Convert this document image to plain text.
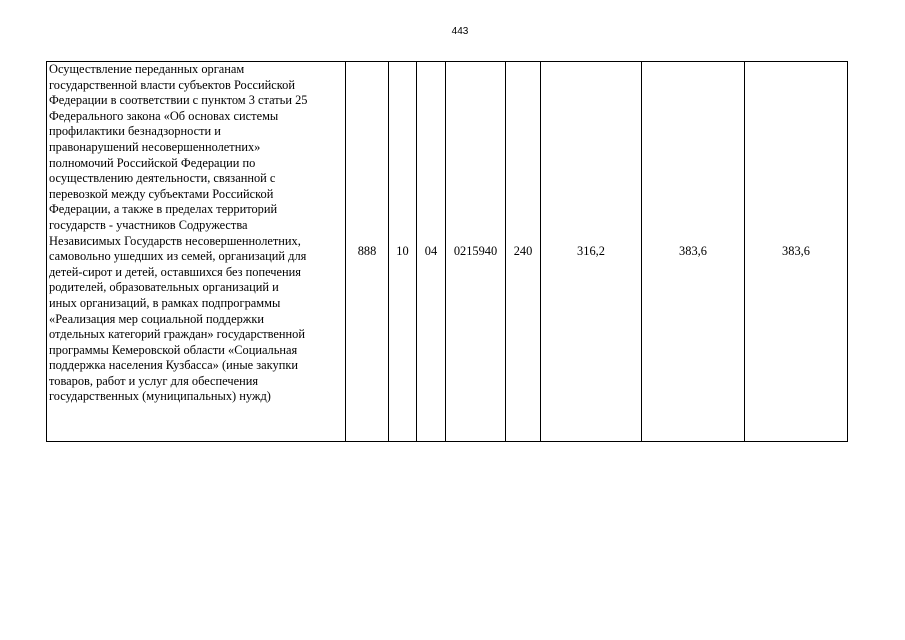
443
Осуществление переданных органам
государственной власти субъектов Российской
Федерации в соответствии с пунктом 3 статьи 25
Федерального закона «Об основах системы
профилактики безнадзорности и
правонарушений несовершеннолетних»
полномочий Российской Федерации по
осуществлению деятельности, связанной с
перевозкой между субъектами Российской
Федерации, а также в пределах территорий
государств - участников Содружества
Независимых Государств несовершеннолетних,
самовольно ушедших из семей, организаций для
детей-сирот и детей, оставшихся без попечения
родителей, образовательных организаций и
иных организаций, в рамках подпрограммы
«Реализация мер социальной поддержки
отдельных категорий граждан» государственной
программы Кемеровской области «Социальная
поддержка населения Кузбасса» (иные закупки
товаров, работ и услуг для обеспечения
государственных (муниципальных) нужд)
	888	10	04	0215940	240	316,2	383,6	383,6
